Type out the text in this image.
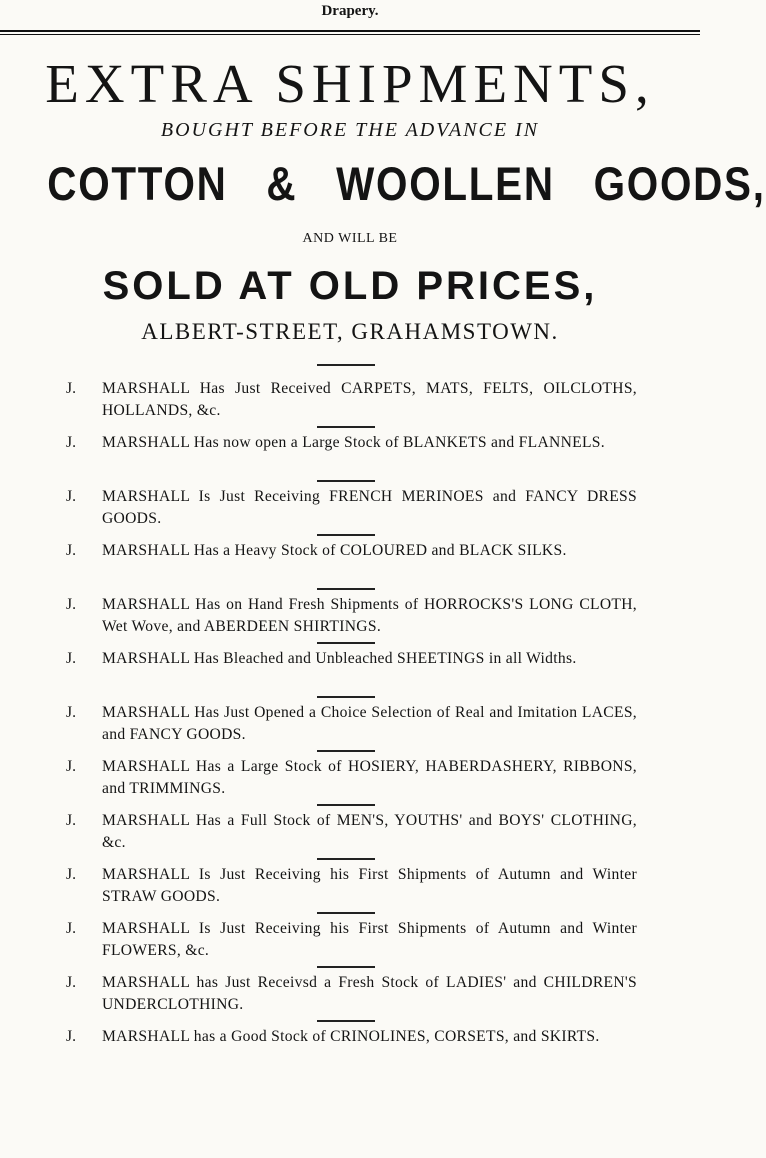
Drapery.
EXTRA SHIPMENTS,
BOUGHT BEFORE THE ADVANCE IN
COTTON & WOOLLEN GOODS,
AND WILL BE
SOLD AT OLD PRICES,
ALBERT-STREET, GRAHAMSTOWN.
J. MARSHALL Has Just Received CARPETS, MATS, FELTS, OILCLOTHS, HOLLANDS, &c.
J. MARSHALL Has now open a Large Stock of BLANKETS and FLANNELS.
J. MARSHALL Is Just Receiving FRENCH MERINOES and FANCY DRESS GOODS.
J. MARSHALL Has a Heavy Stock of COLOURED and BLACK SILKS.
J. MARSHALL Has on Hand Fresh Shipments of HORROCKS'S LONG CLOTH, Wet Wove, and ABERDEEN SHIRTINGS.
J. MARSHALL Has Bleached and Unbleached SHEETINGS in all Widths.
J. MARSHALL Has Just Opened a Choice Selection of Real and Imitation LACES, and FANCY GOODS.
J. MARSHALL Has a Large Stock of HOSIERY, HABERDASHERY, RIBBONS, and TRIMMINGS.
J. MARSHALL Has a Full Stock of MEN'S, YOUTHS' and BOYS' CLOTHING, &c.
J. MARSHALL Is Just Receiving his First Shipments of Autumn and Winter STRAW GOODS.
J. MARSHALL Is Just Receiving his First Shipments of Autumn and Winter FLOWERS, &c.
J. MARSHALL has Just Receivsd a Fresh Stock of LADIES' and CHILDREN'S UNDERCLOTHING.
J. MARSHALL has a Good Stock of CRINOLINES, CORSETS, and SKIRTS.
